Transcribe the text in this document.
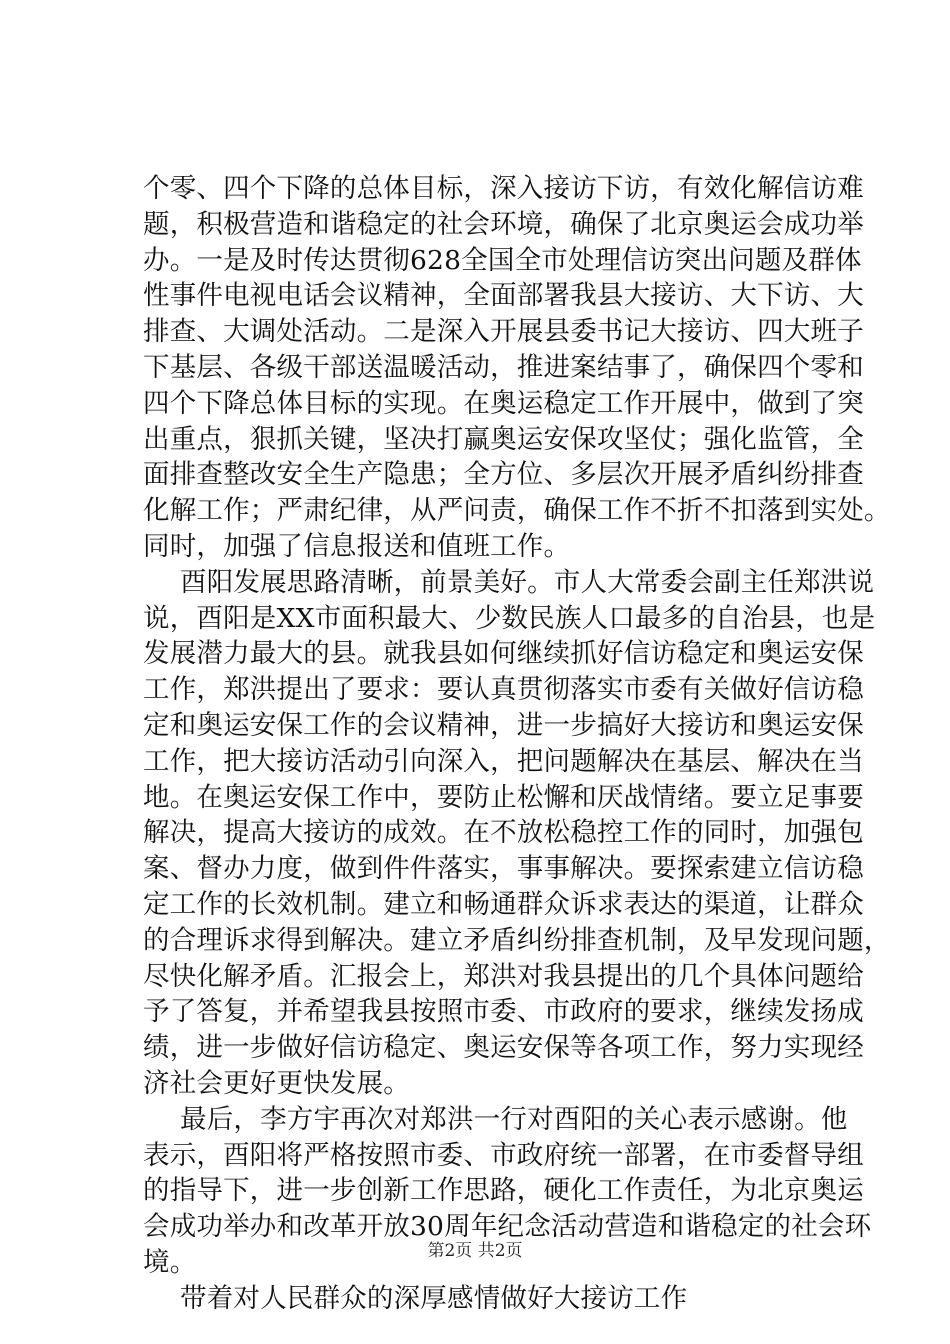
个零、四个下降的总体目标，深入接访下访，有效化解信访难
题，积极营造和谐稳定的社会环境，确保了北京奥运会成功举
办。一是及时传达贯彻628全国全市处理信访突出问题及群体
性事件电视电话会议精神，全面部署我县大接访、大下访、大
排查、大调处活动。二是深入开展县委书记大接访、四大班子
下基层、各级干部送温暖活动，推进案结事了，确保四个零和
四个下降总体目标的实现。在奥运稳定工作开展中，做到了突
出重点，狠抓关键，坚决打赢奥运安保攻坚仗；强化监管，全
面排查整改安全生产隐患；全方位、多层次开展矛盾纠纷排查
化解工作；严肃纪律，从严问责，确保工作不折不扣落到实处。
同时，加强了信息报送和值班工作。
酉阳发展思路清晰，前景美好。市人大常委会副主任郑洪说
说，酉阳是XX市面积最大、少数民族人口最多的自治县，也是
发展潜力最大的县。就我县如何继续抓好信访稳定和奥运安保
工作，郑洪提出了要求：要认真贯彻落实市委有关做好信访稳
定和奥运安保工作的会议精神，进一步搞好大接访和奥运安保
工作，把大接访活动引向深入，把问题解决在基层、解决在当
地。在奥运安保工作中，要防止松懈和厌战情绪。要立足事要
解决，提高大接访的成效。在不放松稳控工作的同时，加强包
案、督办力度，做到件件落实，事事解决。要探索建立信访稳
定工作的长效机制。建立和畅通群众诉求表达的渠道，让群众
的合理诉求得到解决。建立矛盾纠纷排查机制，及早发现问题，
尽快化解矛盾。汇报会上，郑洪对我县提出的几个具体问题给
予了答复，并希望我县按照市委、市政府的要求，继续发扬成
绩，进一步做好信访稳定、奥运安保等各项工作，努力实现经
济社会更好更快发展。
最后，李方宇再次对郑洪一行对酉阳的关心表示感谢。他
表示，酉阳将严格按照市委、市政府统一部署，在市委督导组
的指导下，进一步创新工作思路，硬化工作责任，为北京奥运
会成功举办和改革开放30周年纪念活动营造和谐稳定的社会环
境。
带着对人民群众的深厚感情做好大接访工作
第2页 共2页
